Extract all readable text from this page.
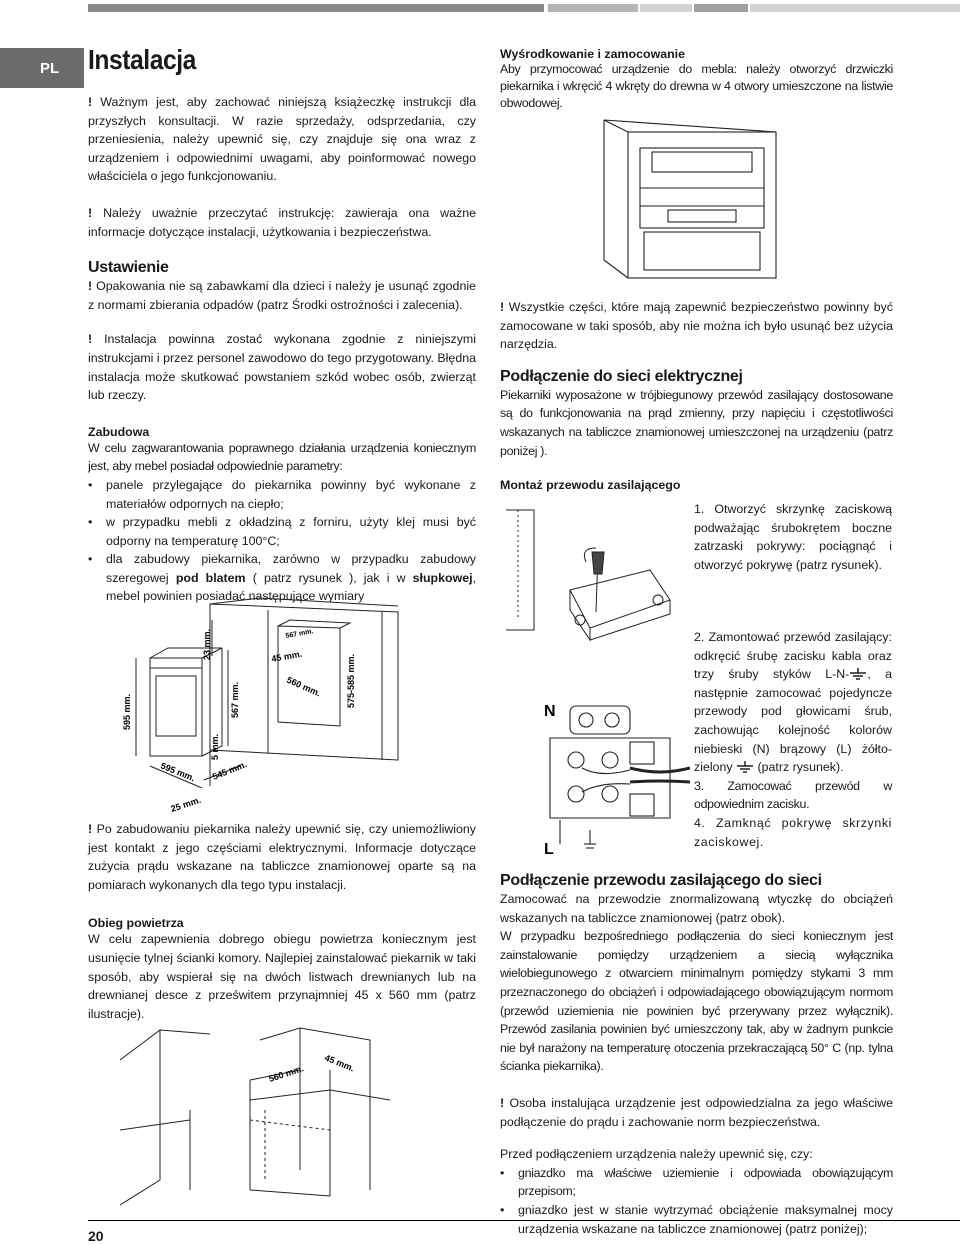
PL Instalacja

! Ważnym jest, aby zachować niniejszą książeczkę instrukcji dla przyszłych konsultacji. W razie sprzedaży, odsprzedania, czy przeniesienia, należy upewnić się, czy znajduje się ona wraz z urządzeniem i odpowiednimi uwagami, aby poinformować nowego właściciela o jego funkcjonowaniu.

! Należy uważnie przeczytać instrukcję: zawieraja ona ważne informacje dotyczące instalacji, użytkowania i bezpieczeństwa.

Ustawienie

! Opakowania nie są zabawkami dla dzieci i należy je usunąć zgodnie z normami zbierania odpadów (patrz Środki ostrożności i zalecenia).

! Instalacja powinna zostać wykonana zgodnie z niniejszymi instrukcjami i przez personel zawodowo do tego przygotowany. Błędna instalacja może skutkować powstaniem szkód wobec osób, zwierząt lub rzeczy.

Zabudowa

W celu zagwarantowania poprawnego działania urządzenia koniecznym jest, aby mebel posiadał odpowiednie parametry:

• panele przylegające do piekarnika powinny być wykonane z materiałów odpornych na ciepło;
• w przypadku mebli z okładziną z forniru, użyty klej musi być odporny na temperaturę 100°C;
• dla zabudowy piekarnika, zarówno w przypadku zabudowy szeregowej pod blatem ( patrz rysunek ), jak i w słupkowej, mebel powinien posiadać następujące wymiary
595 mm.
23 mm.
567 mm.
5 mm.
595 mm. 545 mm.
25 mm.
567 mm.
45 mm.
560 mm.	575-585 mm.

! Po zabudowaniu piekarnika należy upewnić się, czy uniemożliwiony jest kontakt z jego częściami elektrycznymi. Informacje dotyczące zużycia prądu wskazane na tabliczce znamionowej oparte są na pomiarach wykonanych dla tego typu instalacji.

Obieg powietrza

W celu zapewnienia dobrego obiegu powietrza koniecznym jest usunięcie tylnej ścianki komory. Najlepiej zainstalować piekarnik w taki sposób, aby wspierał się na dwóch listwach drewnianych lub na drewnianej desce z prześwitem przynajmniej 45 x 560 mm (patrz ilustracje).

560 mm.
45 mm.
Wyśrodkowanie i zamocowanie

Aby przymocować urządzenie do mebla: należy otworzyć drzwiczki piekarnika i wkręcić 4 wkręty do drewna w 4 otwory umieszczone na listwie obwodowej.

! Wszystkie części, które mają zapewnić bezpieczeństwo powinny być zamocowane w taki sposób, aby nie można ich było usunąć bez użycia narzędzia.

Podłączenie do sieci elektrycznej

Piekarniki wyposażone w trójbiegunowy przewód zasilający dostosowane są do funkcjonowania na prąd zmienny, przy napięciu i częstotliwości wskazanych na tabliczce znamionowej umieszczonej na urządzeniu (patrz poniżej ).

Montaż przewodu zasilającego

1. Otworzyć skrzynkę zaciskową podważając śrubokrętem boczne zatrzaski pokrywy: pociągnąć i otworzyć pokrywę (patrz rysunek).

N
L

2. Zamontować przewód zasilający: odkręcić śrubę zacisku kabla oraz trzy śruby styków L-N- , a następnie zamocować pojedyncze przewody pod głowicami śrub, zachowując kolejność kolorów niebieski (N) brązowy (L) żółto-zielony (patrz rysunek).

3. Zamocować przewód w odpowiednim zacisku.

4. Zamknąć pokrywę skrzynki zaciskowej.

Podłączenie przewodu zasilającego do sieci

Zamocować na przewodzie znormalizowaną wtyczkę do obciążeń wskazanych na tabliczce znamionowej (patrz obok).

W przypadku bezpośredniego podłączenia do sieci koniecznym jest zainstalowanie pomiędzy urządzeniem a siecią wyłącznika wielobiegunowego z otwarciem minimalnym pomiędzy stykami 3 mm przeznaczonego do obciążeń i odpowiadającego obowiązującym normom (przewód uziemienia nie powinien być przerywany przez wyłącznik). Przewód zasilania powinien być umieszczony tak, aby w żadnym punkcie nie był narażony na temperaturę otoczenia przekraczającą 50° C (np. tylna ścianka piekarnika).

! Osoba instalująca urządzenie jest odpowiedzialna za jego właściwe podłączenie do prądu i zachowanie norm bezpieczeństwa.

Przed podłączeniem urządzenia należy upewnić się, czy:

• gniazdko ma właściwe uziemienie i odpowiada obowiązującym przepisom;
• gniazdko jest w stanie wytrzymać obciążenie maksymalnej mocy urządzenia wskazane na tabliczce znamionowej (patrz poniżej);
20
